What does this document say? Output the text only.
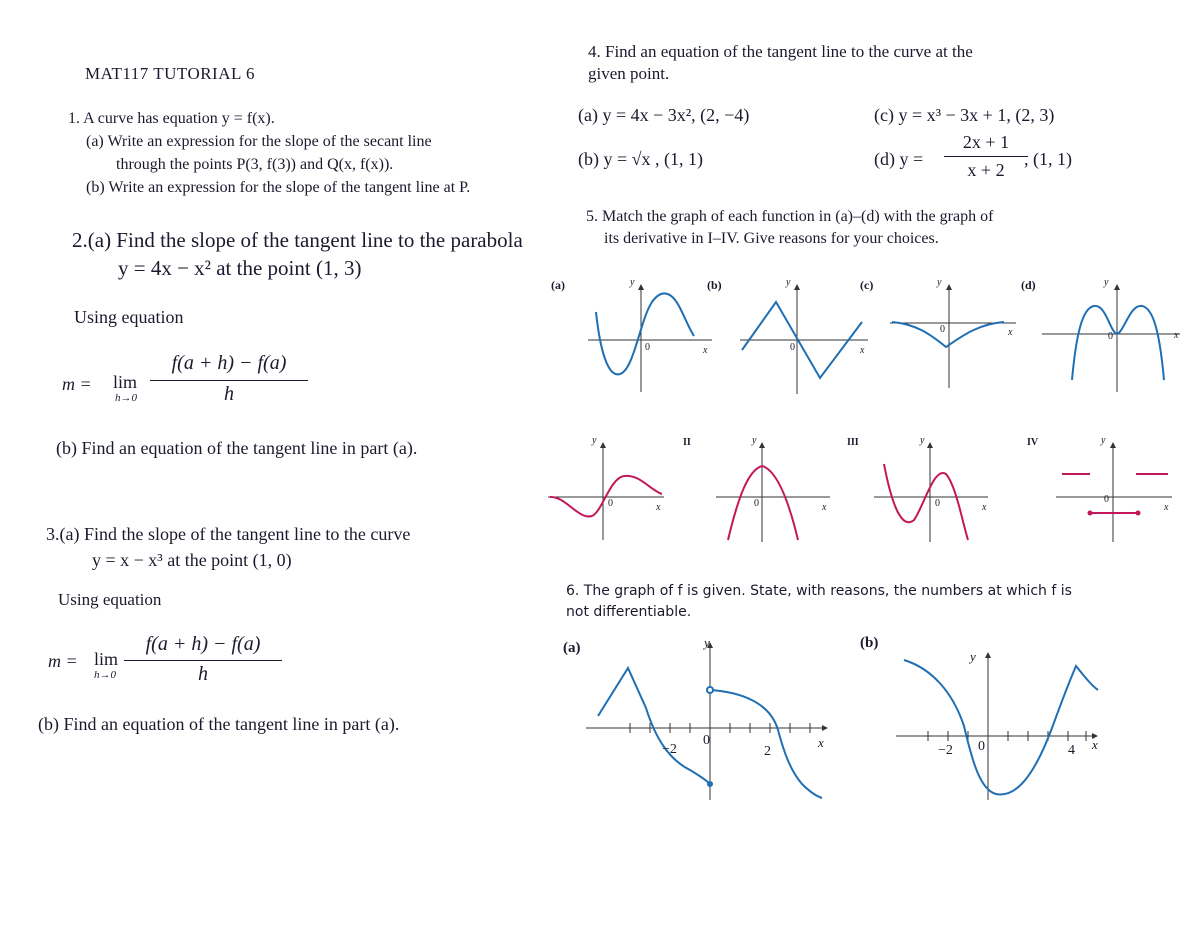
MAT117 TUTORIAL 6
1. A curve has equation y = f(x).
(a) Write an expression for the slope of the secant line
through the points P(3, f(3)) and Q(x, f(x)).
(b) Write an expression for the slope of the tangent line at P.
2.(a) Find the slope of the tangent line to the parabola
y = 4x − x² at the point (1, 3)
Using equation
m = lim
h→0
f(a + h) − f(a)
h
(b) Find an equation of the tangent line in part (a).
3.(a) Find the slope of the tangent line to the curve
y = x − x³ at the point (1, 0)
Using equation
m = lim
h→0
f(a + h) − f(a)
h
(b) Find an equation of the tangent line in part (a).
4. Find an equation of the tangent line to the curve at the
given point.
(a) y = 4x − 3x², (2, −4)
(b) y = √x , (1, 1)
(c) y = x³ − 3x + 1, (2, 3)
(d) y =
2x + 1
x + 2
, (1, 1)
5. Match the graph of each function in (a)–(d) with the graph of
its derivative in I–IV. Give reasons for your choices.
(a)	(b)	(c)	(d)
II	III	IV
y
x
0
y
x
0
y
x
0
y
x
0
y
x
0
y
x
0
y
x
0
y
x
0
6. The graph of f is given. State, with reasons, the numbers at which f is
not differentiable.
(a)	(b)
y
x
−2
0
2
y
x
−2 0	4
